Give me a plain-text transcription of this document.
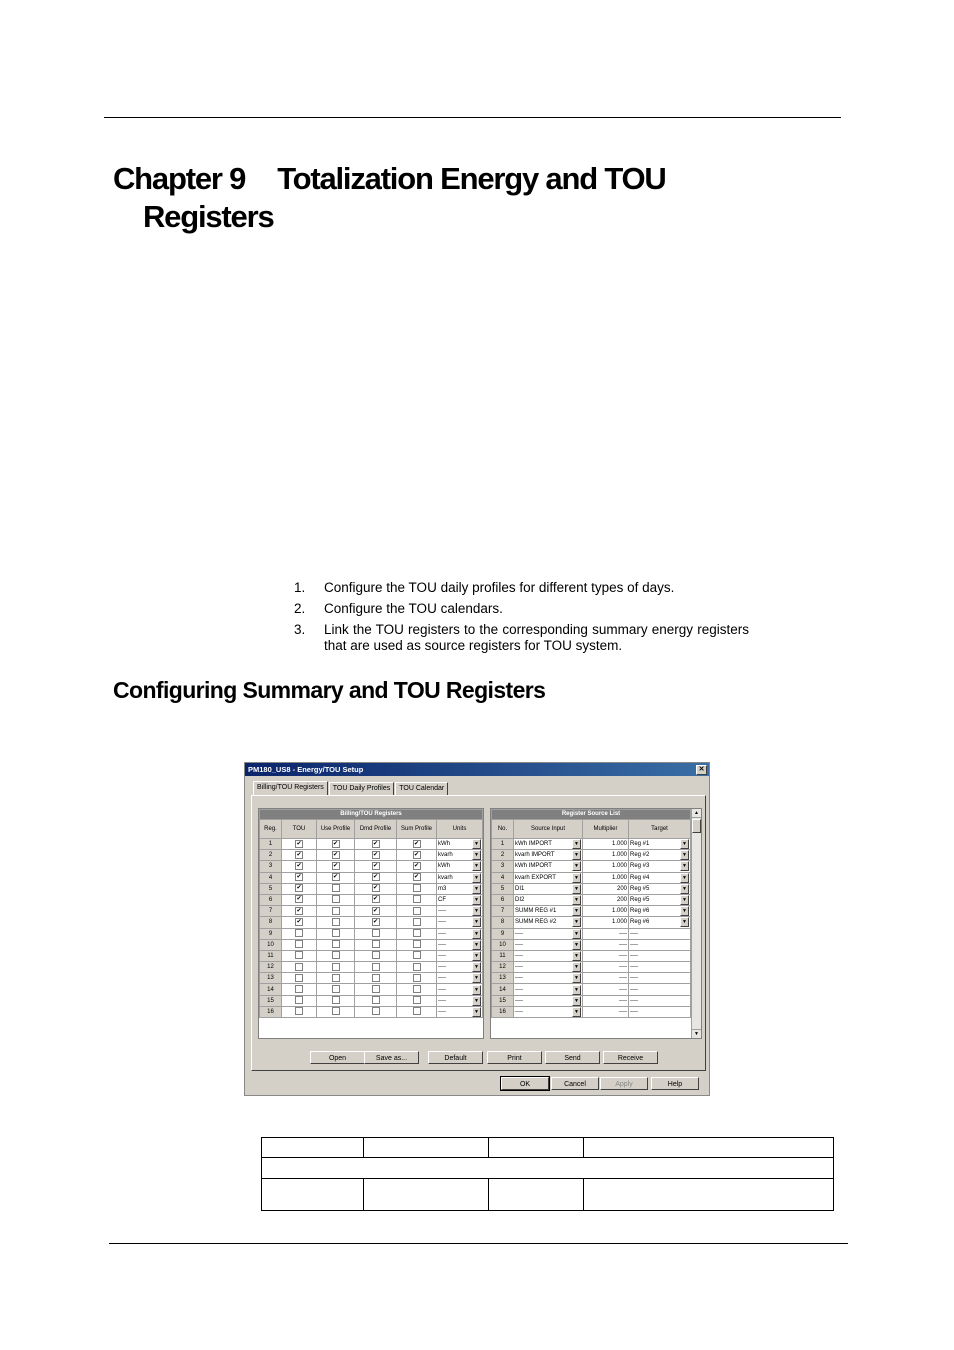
Chapter 9 Totalization Energy and TOU
Registers
1.	Configure the TOU daily profiles for different types of days.
2.	Configure the TOU calendars.
3.	Link the TOU registers to the corresponding summary energy registers that are used as source registers for TOU system.
Configuring Summary and TOU Registers
PM180_US8 - Energy/TOU Setup	✕
Billing/TOU Registers	TOU Daily Profiles	TOU Calendar
Billing/TOU Registers					
Reg.	TOU	Use Profile	Dmd Profile	Sum Profile	Units
1	✔	✔	✔	✔	kWh ▼

2	✔	✔	✔	✔	kvarh ▼

3	✔	✔	✔	✔	kWh ▼

4	✔	✔	✔	✔	kvarh ▼

5	✔		✔		m3 ▼

6	✔		✔		CF ▼

7	✔		✔		---- ▼

8	✔		✔		---- ▼

9					---- ▼

10					---- ▼

11					---- ▼

12					---- ▼

13					---- ▼

14					---- ▼

15					---- ▼

16					---- ▼
Register Source List			
No.	Source Input	Multiplier	Target
1	kWh IMPORT ▼	1.000	Reg #1 ▼

2	kvarh IMPORT ▼	1.000	Reg #2 ▼

3	kWh IMPORT ▼	1.000	Reg #3 ▼

4	kvarh EXPORT ▼	1.000	Reg #4 ▼

5	DI1 ▼	200	Reg #5 ▼

6	DI2 ▼	200	Reg #5 ▼

7	SUMM REG #1 ▼	1.000	Reg #6 ▼

8	SUMM REG #2 ▼	1.000	Reg #6 ▼

9	---- ▼	----	----

10	---- ▼	----	----

11	---- ▼	----	----

12	---- ▼	----	----

13	---- ▼	----	----

14	---- ▼	----	----

15	---- ▼	----	----

16	---- ▼	----	----
▲
▼
Open	Save as...	Default	Print	Send	Receive
OK	Cancel	Apply	Help
